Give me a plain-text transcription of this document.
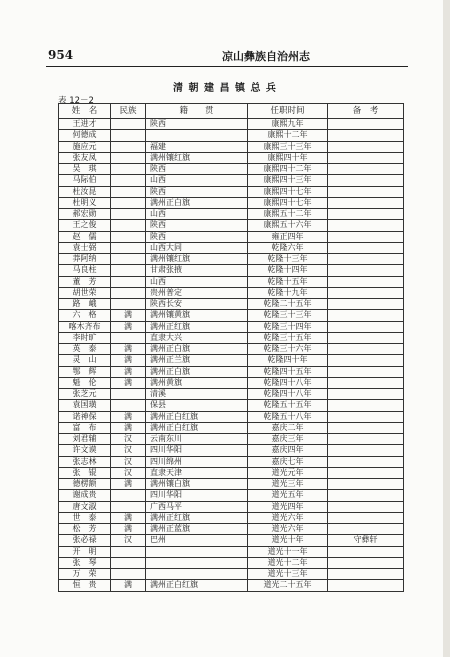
954	凉山彝族自治州志
清 朝 建 昌 镇 总 兵
表 12－2
姓　名	民族	籍　　贯	任职时间	备　考
王进才		陕西	康熙九年	
何德成			康熙十二年	
施应元		福建	康熙三十三年	
张友凤		满州镶红旗	康熙四十年	
吴　琪		陕西	康熙四十二年	
马际伯		山西	康熙四十三年	
杜汝昆		陕西	康熙四十七年	
杜明义		满州正白旗	康熙四十七年	
郝宏勋		山西	康熙五十二年	
王之俊		陕西	康熙五十六年	
赵　儒		陕西	雍正四年	
袁士弼		山西大同	乾隆六年	
莽阿纳		满州镶红旗	乾隆十三年	
马良柱		甘肃张掖	乾隆十四年	
董　芳		山西	乾隆十五年	
胡世荣		贵州普定	乾隆十九年	
路　峨		陕西长安	乾隆二十五年	
六　格	满	满州镶黄旗	乾隆三十三年	
喀木齐布	满	满州正红旗	乾隆三十四年	
李时旷		直隶大兴	乾隆三十五年	
英　泰	满	满州正白旗	乾隆三十六年	
灵　山	满	满州正兰旗	乾隆四十年	
鄂　辉	满	满州正白旗	乾隆四十五年	
魁　伦	满	满州黄旗	乾隆四十八年	
张芝元		清溪	乾隆四十八年	
袁国璜		保县	乾隆五十五年	
诺神保	满	满州正白红旗	乾隆五十八年	
富　布	满	满州正白红旗	嘉庆二年	
刘君辅	汉	云南东川	嘉庆三年	
许文谟	汉	四川华阳	嘉庆四年	
张志林	汉	四川绵州	嘉庆七年	
张　锟	汉	直隶天津	道光元年	
德楞额	满	满州镶白旗	道光三年	
谢成贵		四川华阳	道光五年	
唐文淑		广西马平	道光四年	
世　泰	满	满州正红旗	道光六年	
松　芳	满	满州正蓝旗	道光六年	
张必禄	汉	巴州	道光十年	守彝轩
开　明			道光十一年	
张　琴			道光十二年	
万　荣			道光十三年	
恒　贵	满	满州正白红旗	道光二十五年	
